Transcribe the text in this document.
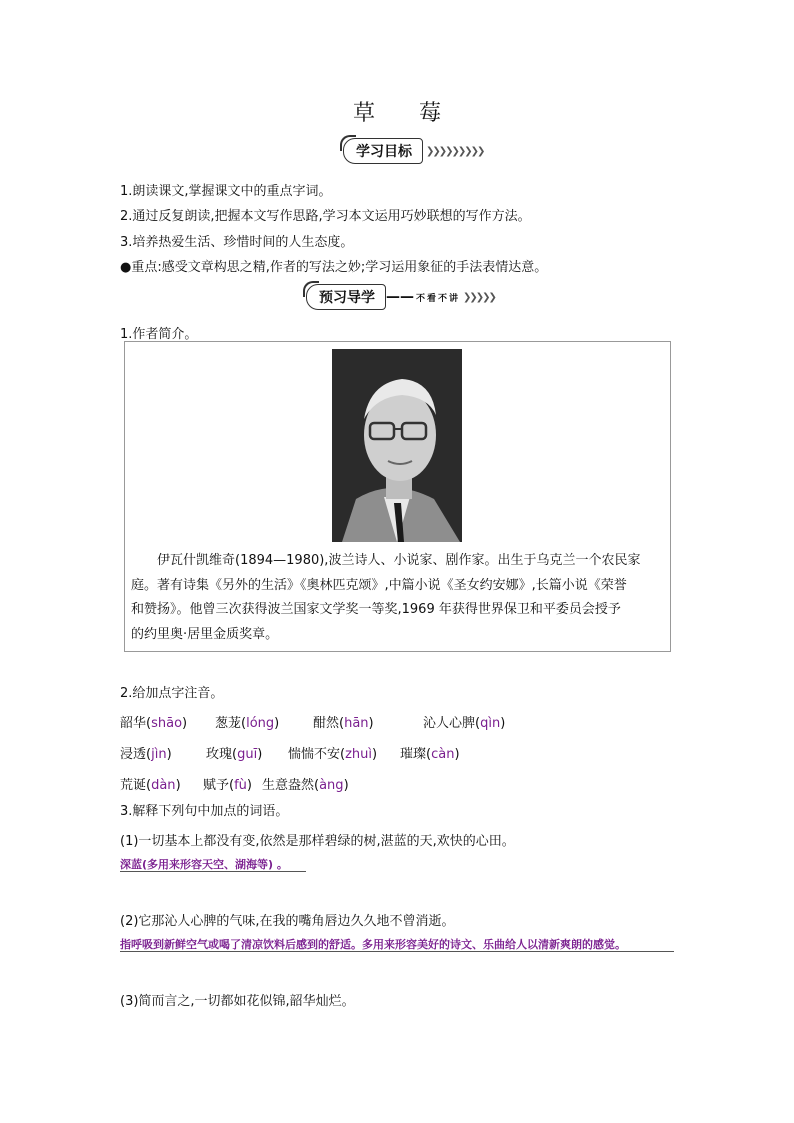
草 莓
学习目标	❯❯❯❯❯❯❯❯❯
1.朗读课文,掌握课文中的重点字词。
2.通过反复朗读,把握本文写作思路,学习本文运用巧妙联想的写作方法。
3.培养热爱生活、珍惜时间的人生态度。
●重点:感受文章构思之精,作者的写法之妙;学习运用象征的手法表情达意。
预习导学 —— 不看不讲 ❯❯❯❯❯
1.作者简介。
伊瓦什凯维奇(1894—1980),波兰诗人、小说家、剧作家。出生于乌克兰一个农民家
庭。著有诗集《另外的生活》《奥林匹克颂》,中篇小说《圣女约安娜》,长篇小说《荣誉
和赞扬》。他曾三次获得波兰国家文学奖一等奖,1969 年获得世界保卫和平委员会授予
的约里奥·居里金质奖章。
2.给加点字注音。
韶华(shāo) 葱茏(lóng)	酣然(hān)	沁人心脾(qìn)
浸透(jìn)	玫瑰(guī) 惴惴不安(zhuì) 璀璨(càn)
荒诞(dàn) 赋予(fù) 生意盎然(àng)
3.解释下列句中加点的词语。
(1)一切基本上都没有变,依然是那样碧绿的树,湛蓝的天,欢快的心田。
深蓝(多用来形容天空、湖海等) 。
(2)它那沁人心脾的气味,在我的嘴角唇边久久地不曾消逝。
指呼吸到新鲜空气或喝了清凉饮料后感到的舒适。多用来形容美好的诗文、乐曲给人以清新爽朗的感觉。
(3)简而言之,一切都如花似锦,韶华灿烂。
